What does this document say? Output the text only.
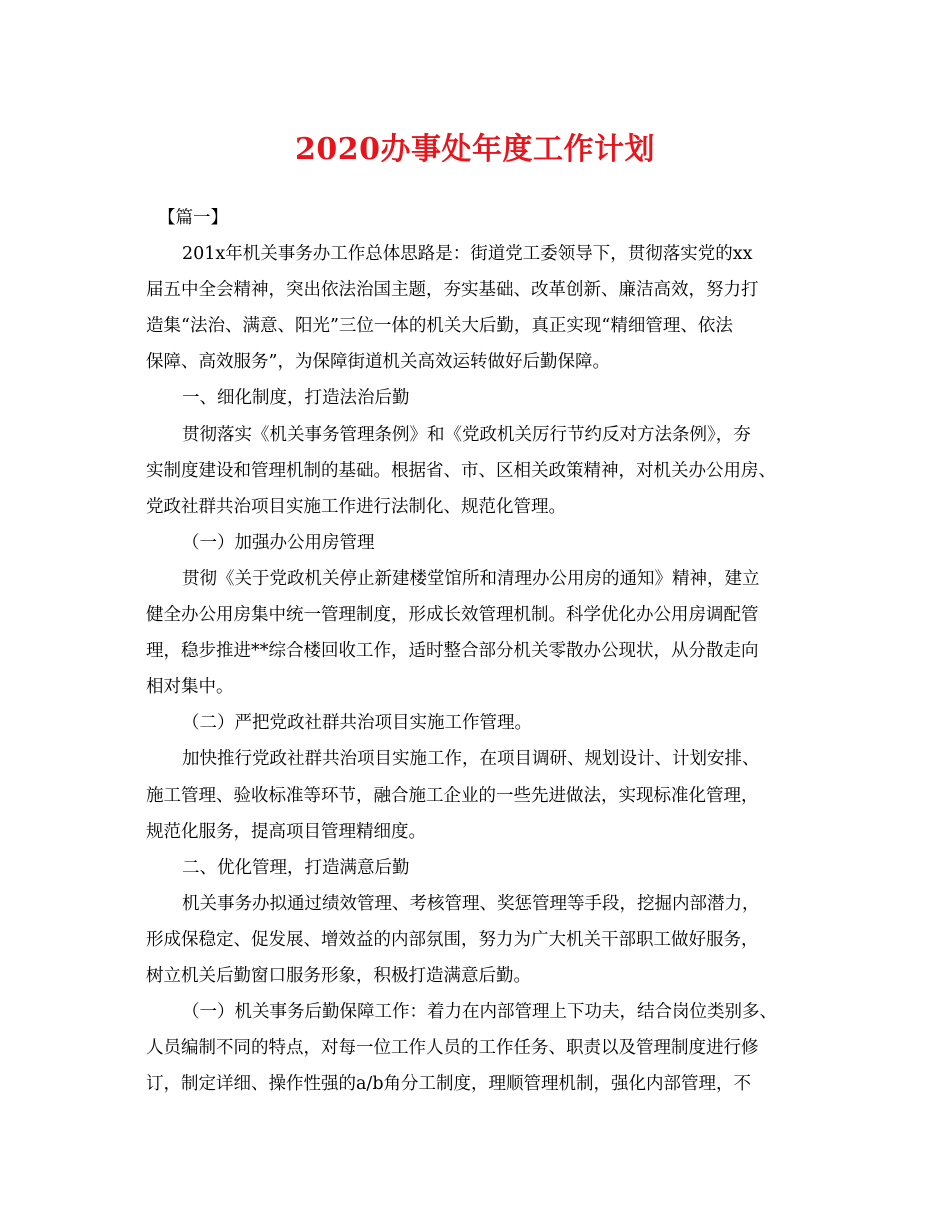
2020办事处年度工作计划
【篇一】
201x年机关事务办工作总体思路是：街道党工委领导下，贯彻落实党的xx
届五中全会精神，突出依法治国主题，夯实基础、改革创新、廉洁高效，努力打
造集“法治、满意、阳光”三位一体的机关大后勤，真正实现“精细管理、依法
保障、高效服务”，为保障街道机关高效运转做好后勤保障。
一、细化制度，打造法治后勤
贯彻落实《机关事务管理条例》和《党政机关厉行节约反对方法条例》，夯
实制度建设和管理机制的基础。根据省、市、区相关政策精神，对机关办公用房、
党政社群共治项目实施工作进行法制化、规范化管理。
（一）加强办公用房管理
贯彻《关于党政机关停止新建楼堂馆所和清理办公用房的通知》精神，建立
健全办公用房集中统一管理制度，形成长效管理机制。科学优化办公用房调配管
理，稳步推进**综合楼回收工作，适时整合部分机关零散办公现状，从分散走向
相对集中。
（二）严把党政社群共治项目实施工作管理。
加快推行党政社群共治项目实施工作，在项目调研、规划设计、计划安排、
施工管理、验收标准等环节，融合施工企业的一些先进做法，实现标准化管理，
规范化服务，提高项目管理精细度。
二、优化管理，打造满意后勤
机关事务办拟通过绩效管理、考核管理、奖惩管理等手段，挖掘内部潜力，
形成保稳定、促发展、增效益的内部氛围，努力为广大机关干部职工做好服务，
树立机关后勤窗口服务形象，积极打造满意后勤。
（一）机关事务后勤保障工作：着力在内部管理上下功夫，结合岗位类别多、
人员编制不同的特点，对每一位工作人员的工作任务、职责以及管理制度进行修
订，制定详细、操作性强的a/b角分工制度，理顺管理机制，强化内部管理，不
